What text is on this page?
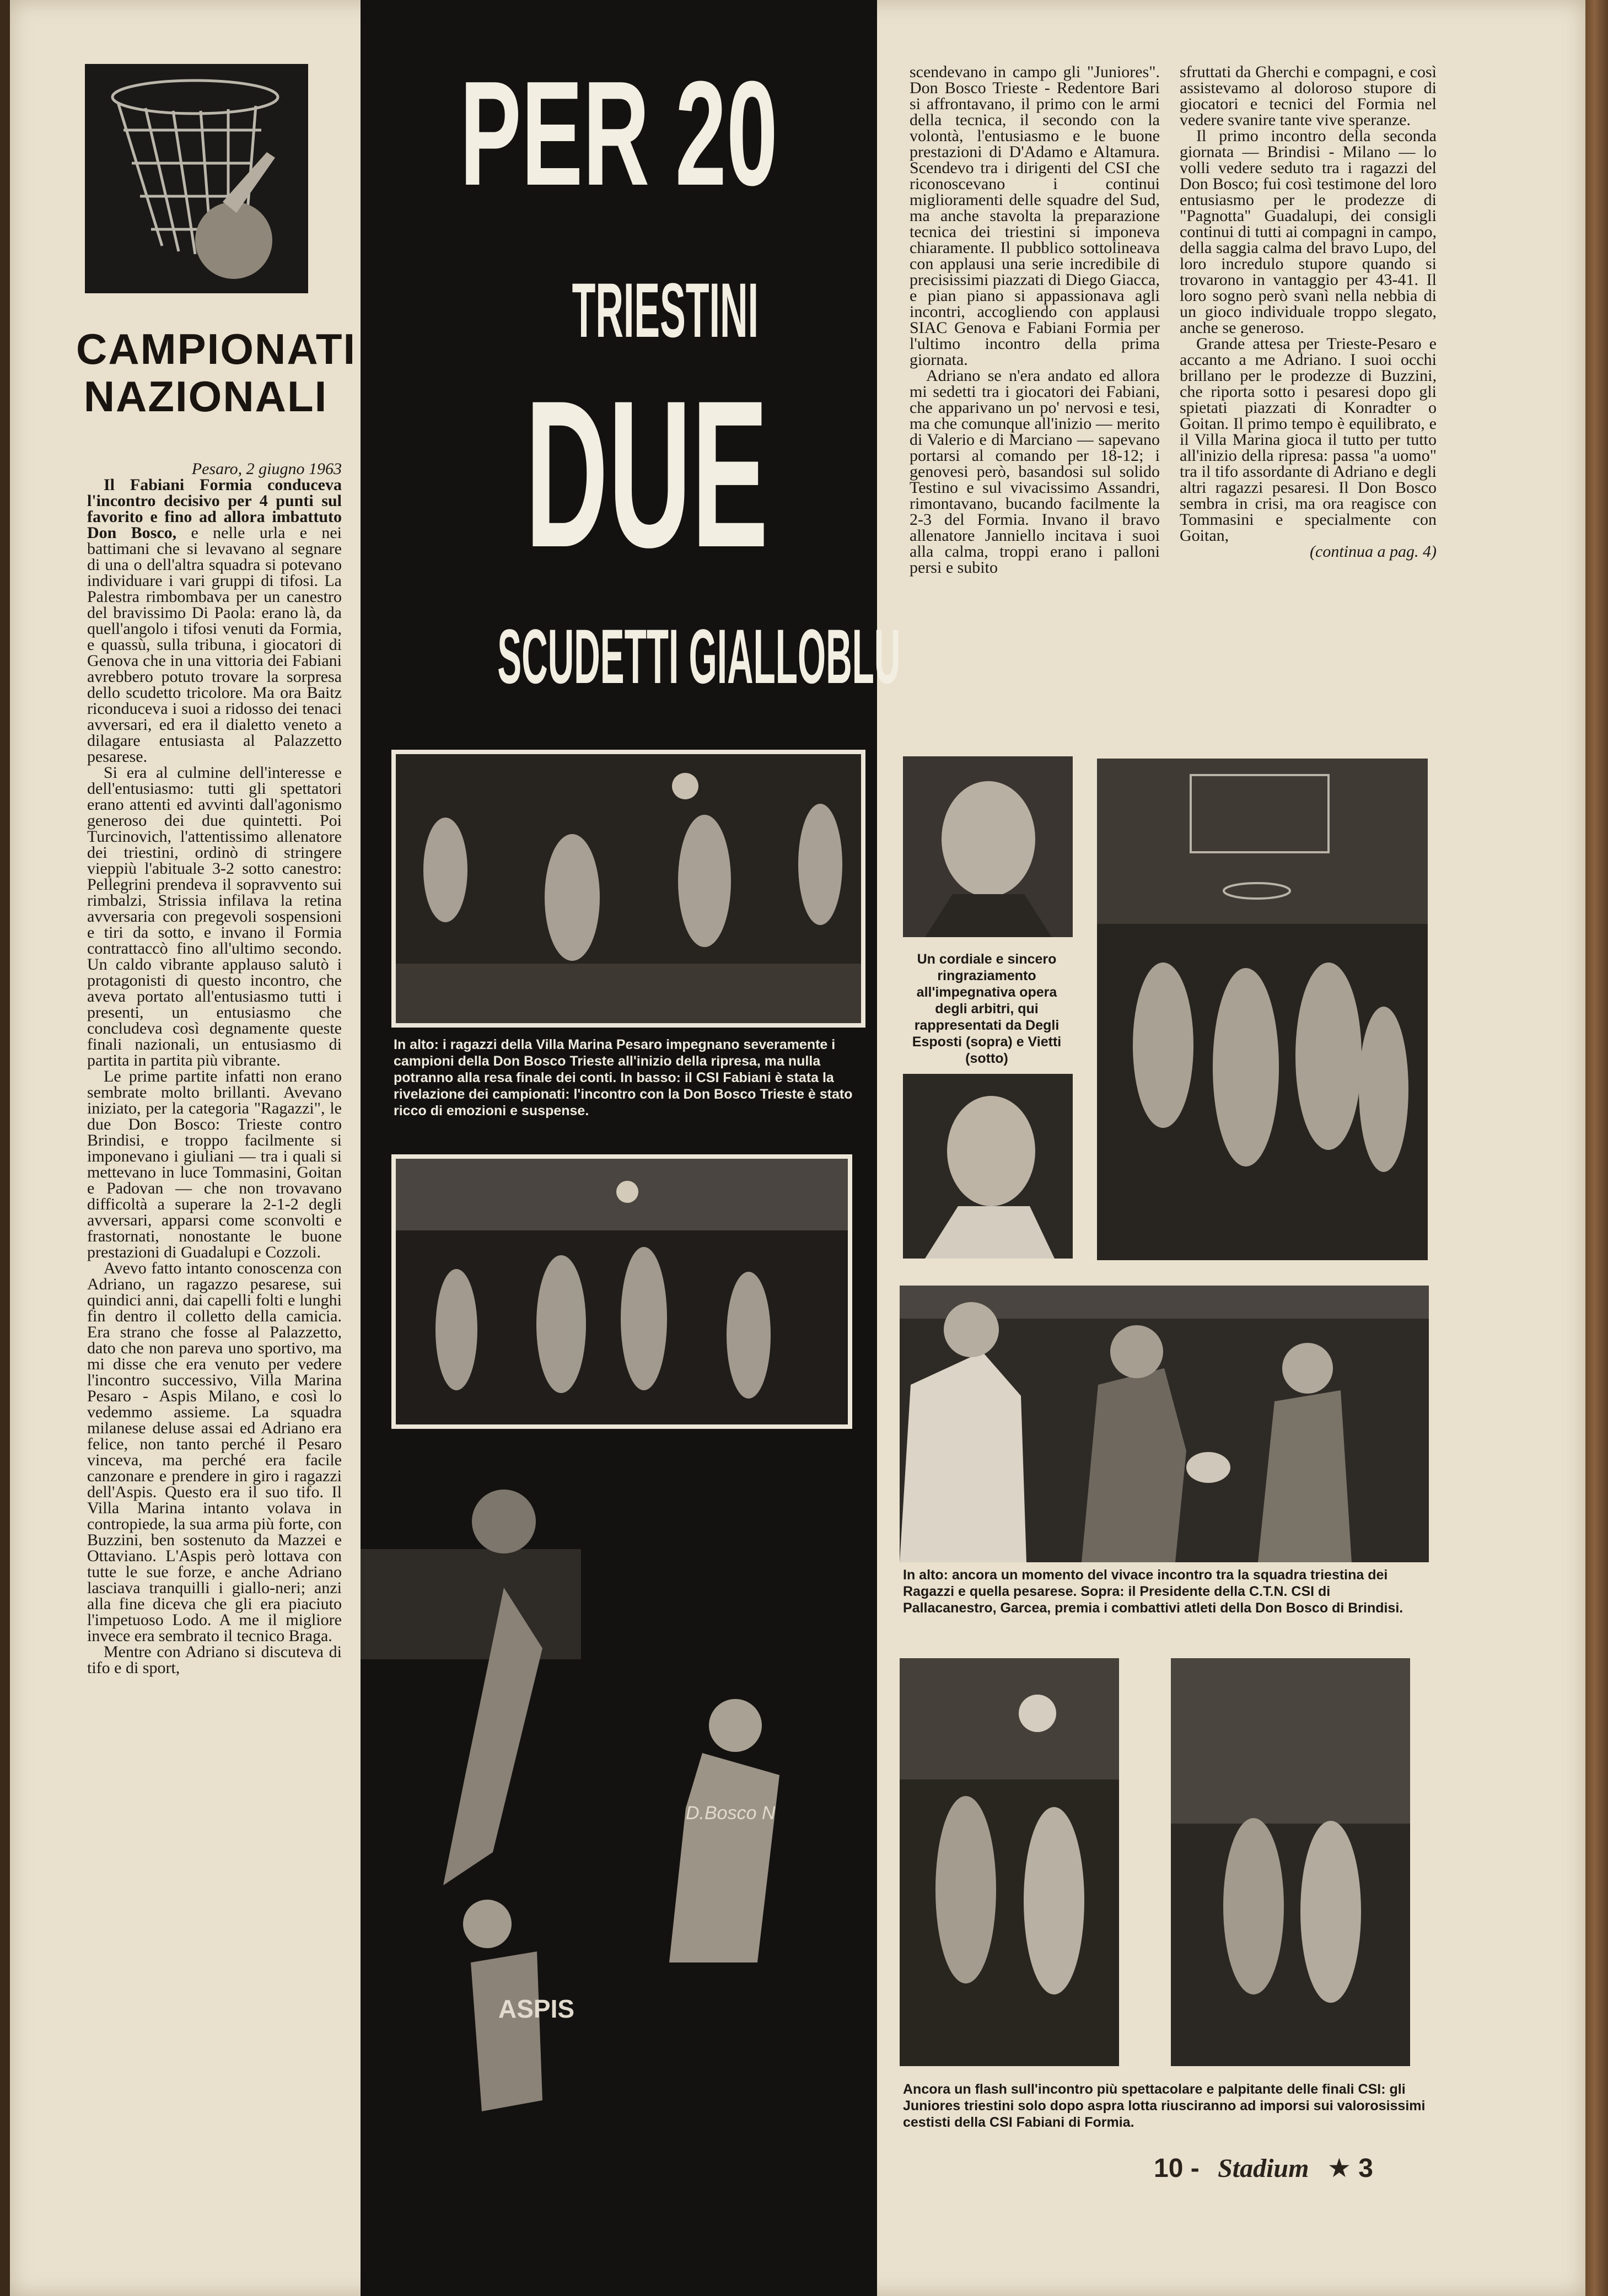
CAMPIONATI
NAZIONALI

Pesaro, 2 giugno 1963

Il Fabiani Formia conduceva l'incontro decisivo per 4 punti sul favorito e fino ad allora imbattuto Don Bosco, e nelle urla e nei battimani che si levavano al segnare di una o dell'altra squadra si potevano individuare i vari gruppi di tifosi. La Palestra rimbombava per un canestro del bravissimo Di Paola: erano là, da quell'angolo i tifosi venuti da Formia, e quassù, sulla tribuna, i giocatori di Genova che in una vittoria dei Fabiani avrebbero potuto trovare la sorpresa dello scudetto tricolore. Ma ora Baitz riconduceva i suoi a ridosso dei tenaci avversari, ed era il dialetto veneto a dilagare entusiasta al Palazzetto pesarese.

Si era al culmine dell'interesse e dell'entusiasmo: tutti gli spettatori erano attenti ed avvinti dall'agonismo generoso dei due quintetti. Poi Turcinovich, l'attentissimo allenatore dei triestini, ordinò di stringere vieppiù l'abituale 3-2 sotto canestro: Pellegrini prendeva il sopravvento sui rimbalzi, Strissia infilava la retina avversaria con pregevoli sospensioni e tiri da sotto, e invano il Formia contrattaccò fino all'ultimo secondo. Un caldo vibrante applauso salutò i protagonisti di questo incontro, che aveva portato all'entusiasmo tutti i presenti, un entusiasmo che concludeva così degnamente queste finali nazionali, un entusiasmo di partita in partita più vibrante.

Le prime partite infatti non erano sembrate molto brillanti. Avevano iniziato, per la categoria "Ragazzi", le due Don Bosco: Trieste contro Brindisi, e troppo facilmente si imponevano i giuliani — tra i quali si mettevano in luce Tommasini, Goitan e Padovan — che non trovavano difficoltà a superare la 2-1-2 degli avversari, apparsi come sconvolti e frastornati, nonostante le buone prestazioni di Guadalupi e Cozzoli.

Avevo fatto intanto conoscenza con Adriano, un ragazzo pesarese, sui quindici anni, dai capelli folti e lunghi fin dentro il colletto della camicia. Era strano che fosse al Palazzetto, dato che non pareva uno sportivo, ma mi disse che era venuto per vedere l'incontro successivo, Villa Marina Pesaro - Aspis Milano, e così lo vedemmo assieme. La squadra milanese deluse assai ed Adriano era felice, non tanto perché il Pesaro vinceva, ma perché era facile canzonare e prendere in giro i ragazzi dell'Aspis. Questo era il suo tifo. Il Villa Marina intanto volava in contropiede, la sua arma più forte, con Buzzini, ben sostenuto da Mazzei e Ottaviano. L'Aspis però lottava con tutte le sue forze, e anche Adriano lasciava tranquilli i giallo-neri; anzi alla fine diceva che gli era piaciuto l'impetuoso Lodo. A me il migliore invece era sembrato il tecnico Braga.

Mentre con Adriano si discuteva di tifo e di sport,

PER 20
TRIESTINI
DUE
SCUDETTI GIALLOBLU
In alto: i ragazzi della Villa Marina Pesaro impegnano severamente i campioni della Don Bosco Trieste all'inizio della ripresa, ma nulla potranno alla resa finale dei conti. In basso: il CSI Fabiani è stata la rivelazione dei campionati: l'incontro con la Don Bosco Trieste è stato ricco di emozioni e suspense.
ASPIS
D.Bosco N

scendevano in campo gli "Juniores". Don Bosco Trieste - Redentore Bari si affrontavano, il primo con le armi della tecnica, il secondo con la volontà, l'entusiasmo e le buone prestazioni di D'Adamo e Altamura. Scendevo tra i dirigenti del CSI che riconoscevano i continui miglioramenti delle squadre del Sud, ma anche stavolta la preparazione tecnica dei triestini si imponeva chiaramente. Il pubblico sottolineava con applausi una serie incredibile di precisissimi piazzati di Diego Giacca, e pian piano si appassionava agli incontri, accogliendo con applausi SIAC Genova e Fabiani Formia per l'ultimo incontro della prima giornata.

Adriano se n'era andato ed allora mi sedetti tra i giocatori dei Fabiani, che apparivano un po' nervosi e tesi, ma che comunque all'inizio — merito di Valerio e di Marciano — sapevano portarsi al comando per 18-12; i genovesi però, basandosi sul solido Testino e sul vivacissimo Assandri, rimontavano, bucando facilmente la 2-3 del Formia. Invano il bravo allenatore Janniello incitava i suoi alla calma, troppi erano i palloni persi e subito

sfruttati da Gherchi e compagni, e così assistevamo al doloroso stupore di giocatori e tecnici del Formia nel vedere svanire tante vive speranze.

Il primo incontro della seconda giornata — Brindisi - Milano — lo volli vedere seduto tra i ragazzi del Don Bosco; fui così testimone del loro entusiasmo per le prodezze di "Pagnotta" Guadalupi, dei consigli continui di tutti ai compagni in campo, della saggia calma del bravo Lupo, del loro incredulo stupore quando si trovarono in vantaggio per 43-41. Il loro sogno però svanì nella nebbia di un gioco individuale troppo slegato, anche se generoso.

Grande attesa per Trieste-Pesaro e accanto a me Adriano. I suoi occhi brillano per le prodezze di Buzzini, che riporta sotto i pesaresi dopo gli spietati piazzati di Konradter o Goitan. Il primo tempo è equilibrato, e il Villa Marina gioca il tutto per tutto all'inizio della ripresa: passa "a uomo" tra il tifo assordante di Adriano e degli altri ragazzi pesaresi. Il Don Bosco sembra in crisi, ma ora reagisce con Tommasini e specialmente con Goitan,

(continua a pag. 4)

Un cordiale e sincero ringraziamento all'impegnativa opera degli arbitri, qui rappresentati da Degli Esposti (sopra) e Vietti (sotto)
In alto: ancora un momento del vivace incontro tra la squadra triestina dei Ragazzi e quella pesarese. Sopra: il Presidente della C.T.N. CSI di Pallacanestro, Garcea, premia i combattivi atleti della Don Bosco di Brindisi.
Ancora un flash sull'incontro più spettacolare e palpitante delle finali CSI: gli Juniores triestini solo dopo aspra lotta riusciranno ad imporsi sui valorosissimi cestisti della CSI Fabiani di Formia.
10 - Stadium ★ 3
